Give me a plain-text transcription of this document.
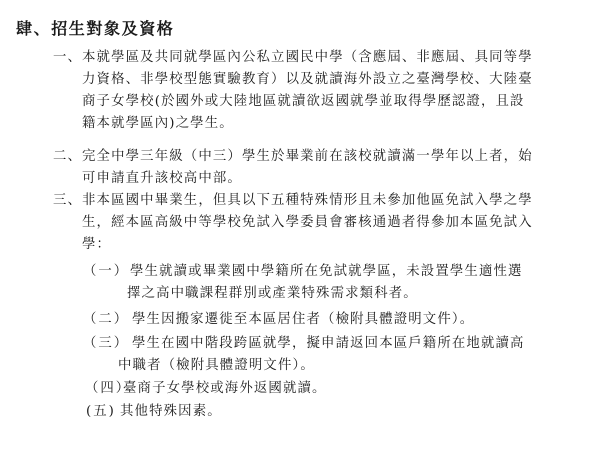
肆、招生對象及資格
一、 本就學區及共同就學區內公私立國民中學（含應屆、非應屆、具同等學
力資格、非學校型態實驗教育）以及就讀海外設立之臺灣學校、大陸臺
商子女學校(於國外或大陸地區就讀欲返國就學並取得學歷認證，且設
籍本就學區內)之學生。
二、 完全中學三年級（中三）學生於畢業前在該校就讀滿一學年以上者，始
可申請直升該校高中部。
三、 非本區國中畢業生，但具以下五種特殊情形且未參加他區免試入學之學
生，經本區高級中等學校免試入學委員會審核通過者得參加本區免試入
學：
（一） 學生就讀或畢業國中學籍所在免試就學區，未設置學生適性選
擇之高中職課程群別或產業特殊需求類科者。
（二） 學生因搬家遷徙至本區居住者（檢附具體證明文件）。
（三） 學生在國中階段跨區就學，擬申請返回本區戶籍所在地就讀高
中職者（檢附具體證明文件）。
（四）
臺商子女學校或海外返國就讀。
(五) 其他特殊因素。
